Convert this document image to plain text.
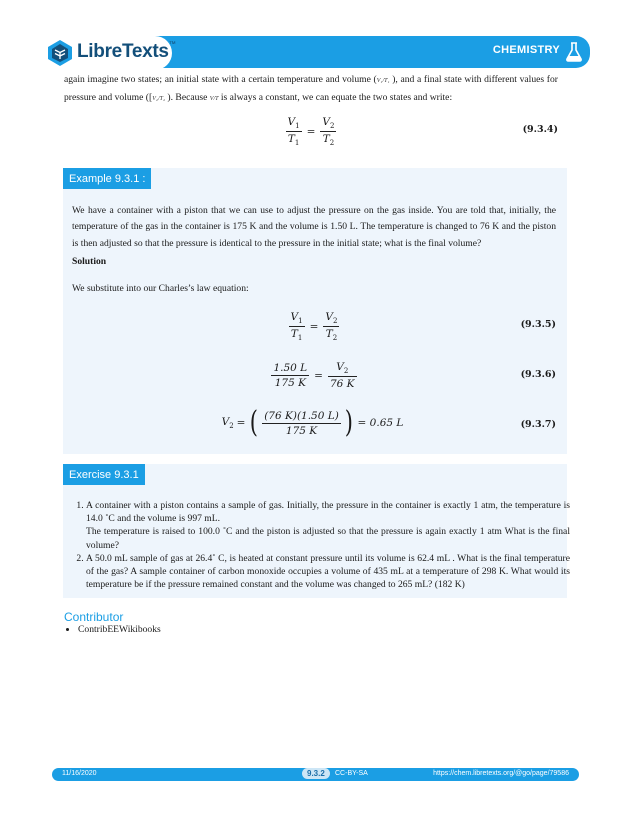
CHEMISTRY
LibreTexts™
again imagine two states; an initial state with a certain temperature and volume (V₁/T₁ ), and a final state with different values for pressure and volume ([V₂/T₂ ). Because V/T is always a constant, we can equate the two states and write:
$\frac{V_1}{T_1} = \frac{V_2}{T_2}$	(9.3.4)
Example 9.3.1 :
We have a container with a piston that we can use to adjust the pressure on the gas inside. You are told that, initially, the temperature of the gas in the container is 175 K and the volume is 1.50 L. The temperature is changed to 76 K and the piston is then adjusted so that the pressure is identical to the pressure in the initial state; what is the final volume?
Solution
We substitute into our Charles’s law equation:
$\frac{V_1}{T_1} = \frac{V_2}{T_2}$	(9.3.5)
$\frac{1.50 L}{175 K} = \frac{V_2}{76 K}$	(9.3.6)
$V_2$ = ( $\frac{(76 K)(1.50 L)}{175 K}$ ) = 0.65 L	(9.3.7)
Exercise 9.3.1
1. A container with a piston contains a sample of gas. Initially, the pressure in the container is exactly 1 atm, the temperature is 14.0 ˚C and the volume is 997 mL.
The temperature is raised to 100.0 ˚C and the piston is adjusted so that the pressure is again exactly 1 atm What is the final volume?
2. A 50.0 mL sample of gas at 26.4˚ C, is heated at constant pressure until its volume is 62.4 mL . What is the final temperature of the gas? A sample container of carbon monoxide occupies a volume of 435 mL at a temperature of 298 K. What would its temperature be if the pressure remained constant and the volume was changed to 265 mL? (182 K)
Contributor
• ContribEEWikibooks
11/16/2020	9.3.2	CC-BY-SA	https://chem.libretexts.org/@go/page/79586
